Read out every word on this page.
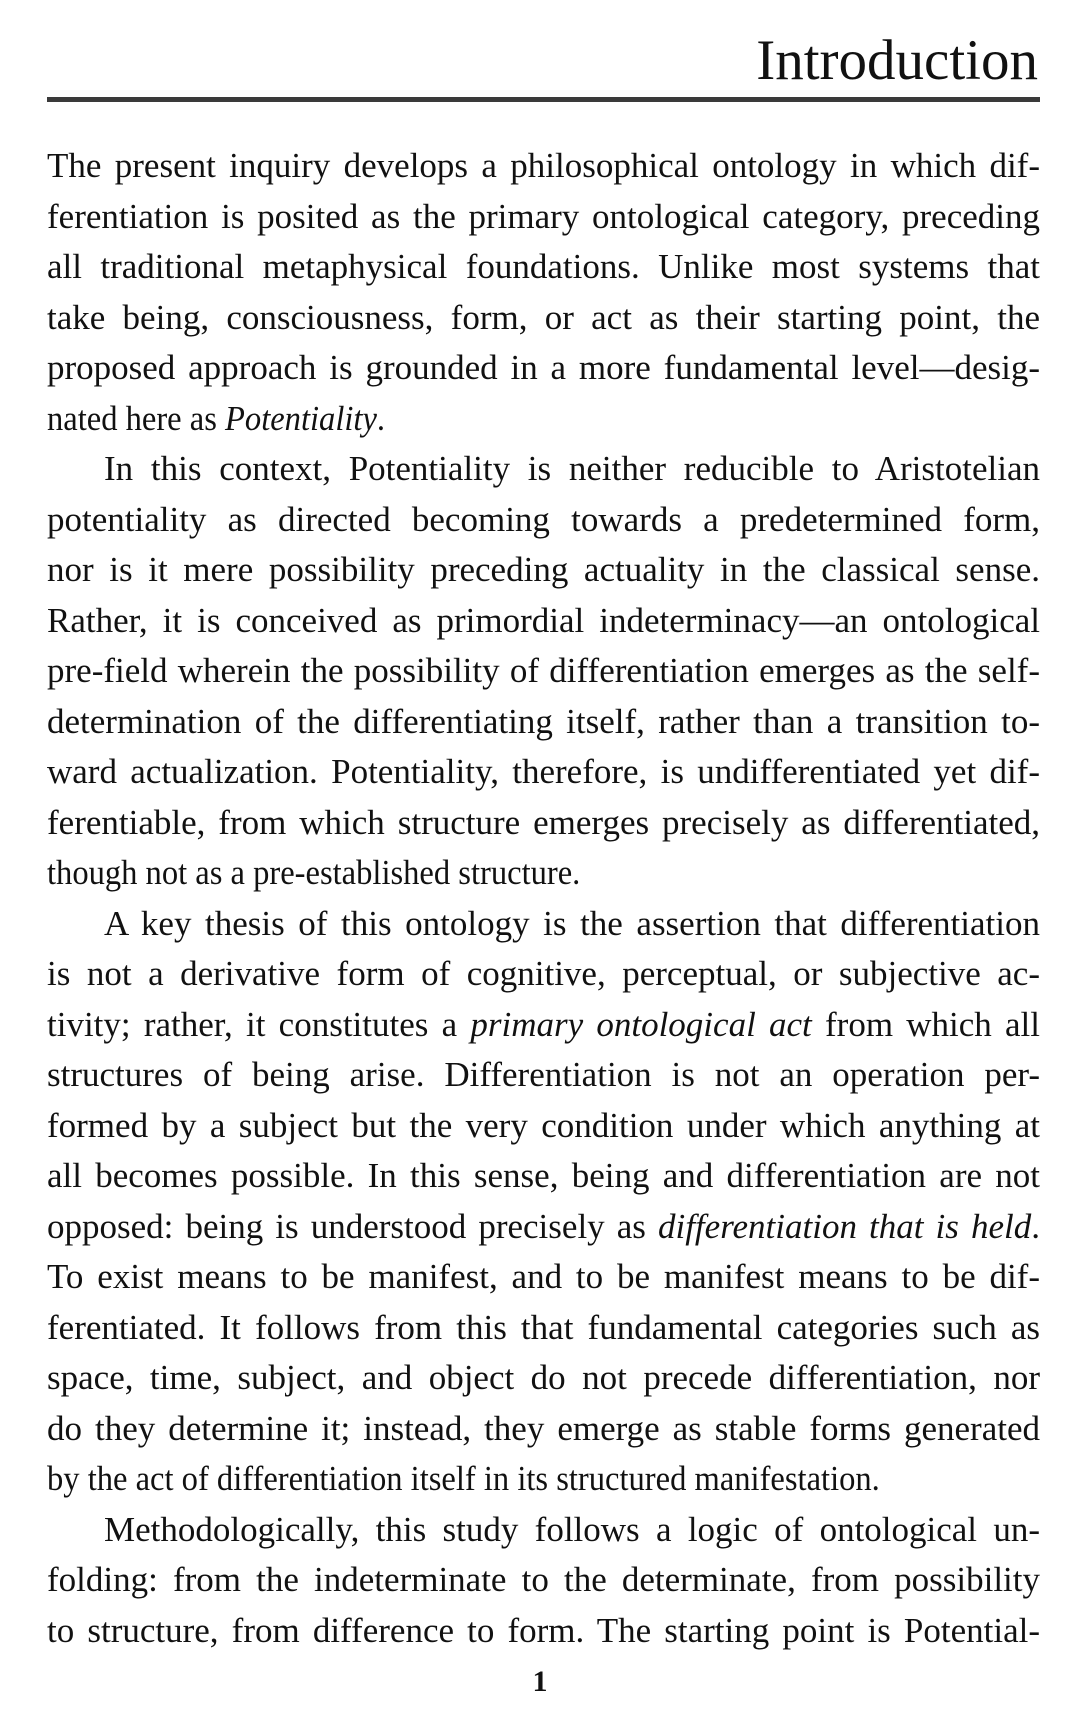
Introduction
The present inquiry develops a philosophical ontology in which dif-
ferentiation is posited as the primary ontological category, preceding
all traditional metaphysical foundations. Unlike most systems that
take being, consciousness, form, or act as their starting point, the
proposed approach is grounded in a more fundamental level—desig-
nated here as Potentiality.
In this context, Potentiality is neither reducible to Aristotelian
potentiality as directed becoming towards a predetermined form,
nor is it mere possibility preceding actuality in the classical sense.
Rather, it is conceived as primordial indeterminacy—an ontological
pre-field wherein the possibility of differentiation emerges as the self-
determination of the differentiating itself, rather than a transition to-
ward actualization. Potentiality, therefore, is undifferentiated yet dif-
ferentiable, from which structure emerges precisely as differentiated,
though not as a pre-established structure.
A key thesis of this ontology is the assertion that differentiation
is not a derivative form of cognitive, perceptual, or subjective ac-
tivity; rather, it constitutes a primary ontological act from which all
structures of being arise. Differentiation is not an operation per-
formed by a subject but the very condition under which anything at
all becomes possible. In this sense, being and differentiation are not
opposed: being is understood precisely as differentiation that is held.
To exist means to be manifest, and to be manifest means to be dif-
ferentiated. It follows from this that fundamental categories such as
space, time, subject, and object do not precede differentiation, nor
do they determine it; instead, they emerge as stable forms generated
by the act of differentiation itself in its structured manifestation.
Methodologically, this study follows a logic of ontological un-
folding: from the indeterminate to the determinate, from possibility
to structure, from difference to form. The starting point is Potential-
1
